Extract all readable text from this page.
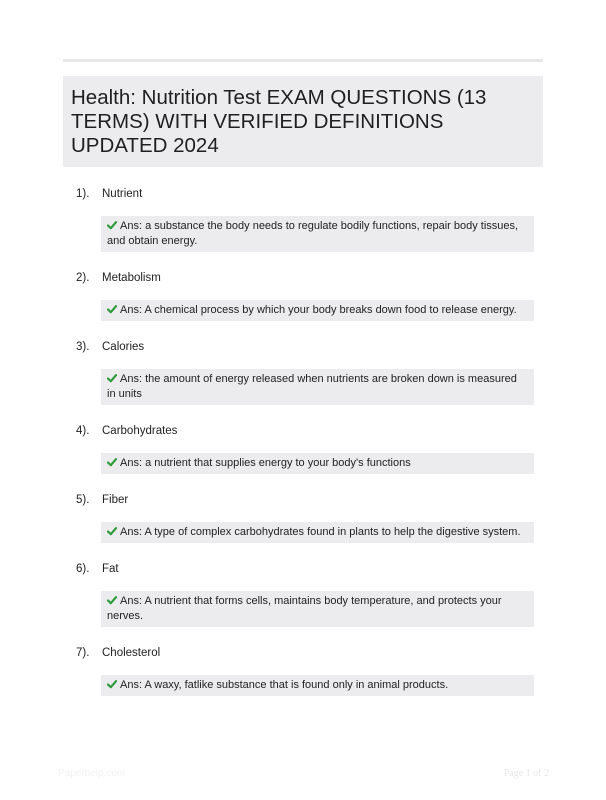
Health: Nutrition Test EXAM QUESTIONS (13 TERMS) WITH VERIFIED DEFINITIONS UPDATED 2024
1).	Nutrient
Ans: a substance the body needs to regulate bodily functions, repair body tissues, and obtain energy.
2).	Metabolism
Ans: A chemical process by which your body breaks down food to release energy.
3).	Calories
Ans: the amount of energy released when nutrients are broken down is measured in units
4).	Carbohydrates
Ans: a nutrient that supplies energy to your body's functions
5).	Fiber
Ans: A type of complex carbohydrates found in plants to help the digestive system.
6).	Fat
Ans: A nutrient that forms cells, maintains body temperature, and protects your nerves.
7).	Cholesterol
Ans: A waxy, fatlike substance that is found only in animal products.
Paperhelp.com	Page 1 of 2
